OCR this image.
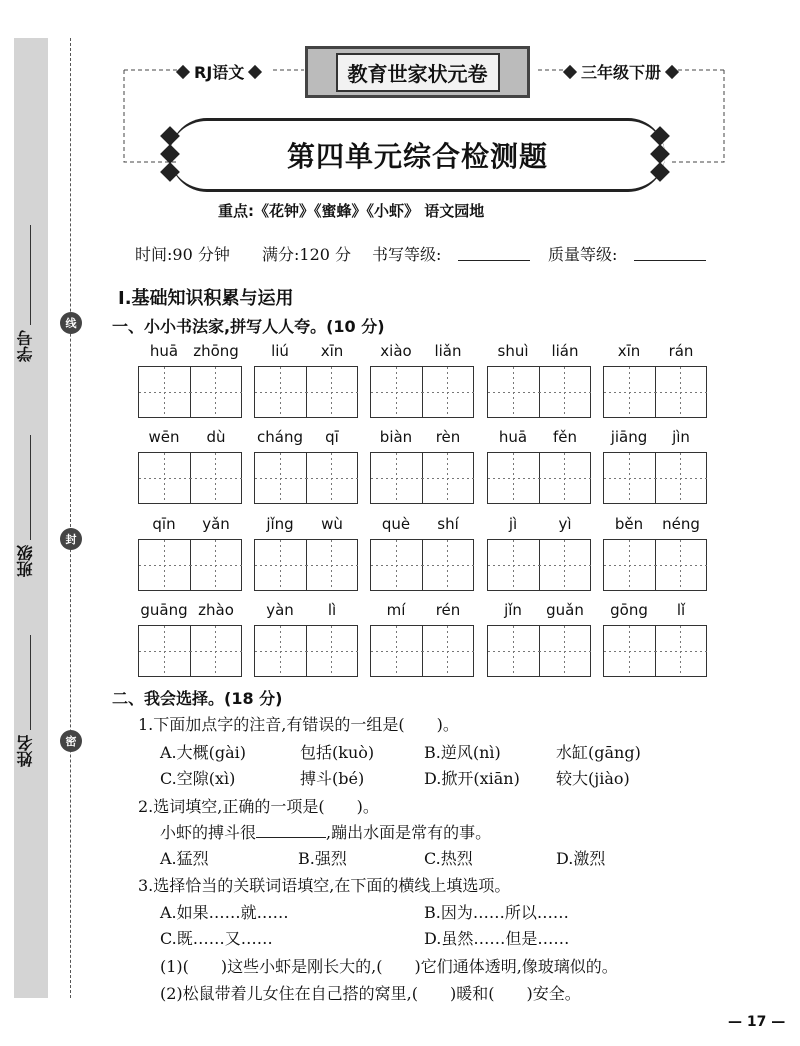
学号
班级
姓名
线
封
密
RJ语文	教育世家状元卷	三年级下册
第四单元综合检测题
重点:《花钟》《蜜蜂》《小虾》 语文园地
时间:90 分钟 满分:120 分 书写等级:	质量等级:
Ⅰ.基础知识积累与运用
一、小小书法家,拼写人人夸。(10 分)
huā	zhōng	liú	xīn	xiào	liǎn	shuì	lián	xīn	rán
wēn	dù	cháng	qī	biàn	rèn	huā	fěn	jiāng	jìn
qīn	yǎn	jǐng	wù	què	shí	jì	yì	běn	néng
guāng zhào	yàn	lì	mí	rén	jǐn	guǎn	gōng	lǐ
二、我会选择。(18 分)
1.下面加点字的注音,有错误的一组是(　　)。
A.大概(gài)	包括(kuò)	B.逆风(nì)	水缸(gāng)
C.空隙(xì)	搏斗(bé)	D.掀开(xiān) 较大(jiào)
2.选词填空,正确的一项是(　　)。
小虾的搏斗很	,蹦出水面是常有的事。
A.猛烈	B.强烈	C.热烈	D.激烈
3.选择恰当的关联词语填空,在下面的横线上填选项。
A.如果……就……	B.因为……所以……
C.既……又……	D.虽然……但是……
(1)(　　)这些小虾是刚长大的,(　　)它们通体透明,像玻璃似的。
(2)松鼠带着儿女住在自己搭的窝里,(　　)暖和(　　)安全。
— 17 —
